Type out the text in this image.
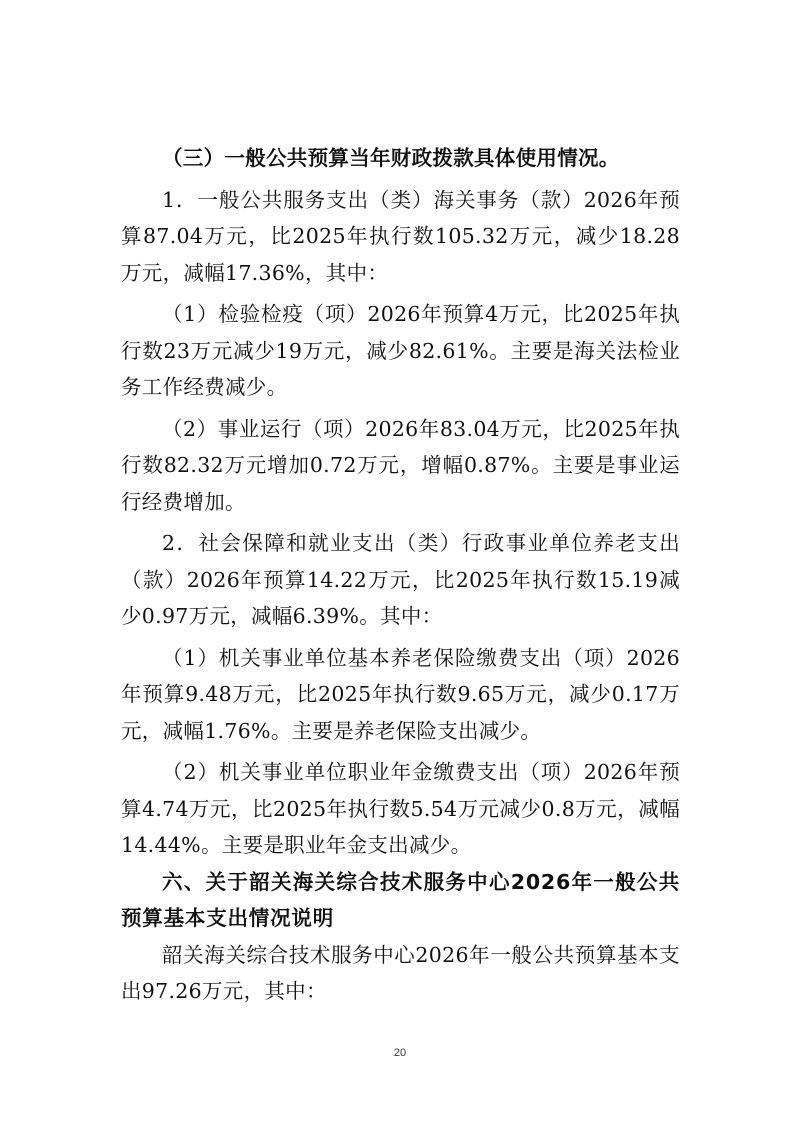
（三）一般公共预算当年财政拨款具体使用情况。

1．一般公共服务支出（类）海关事务（款）2026年预算87.04万元，比2025年执行数105.32万元，减少18.28万元，减幅17.36%，其中：

（1）检验检疫（项）2026年预算4万元，比2025年执行数23万元减少19万元，减少82.61%。主要是海关法检业务工作经费减少。

（2）事业运行（项）2026年83.04万元，比2025年执行数82.32万元增加0.72万元，增幅0.87%。主要是事业运行经费增加。

2．社会保障和就业支出（类）行政事业单位养老支出（款）2026年预算14.22万元，比2025年执行数15.19减少0.97万元，减幅6.39%。其中：

（1）机关事业单位基本养老保险缴费支出（项）2026年预算9.48万元，比2025年执行数9.65万元，减少0.17万元，减幅1.76%。主要是养老保险支出减少。

（2）机关事业单位职业年金缴费支出（项）2026年预算4.74万元，比2025年执行数5.54万元减少0.8万元，减幅14.44%。主要是职业年金支出减少。

六、关于韶关海关综合技术服务中心2026年一般公共预算基本支出情况说明

韶关海关综合技术服务中心2026年一般公共预算基本支出97.26万元，其中：

20
